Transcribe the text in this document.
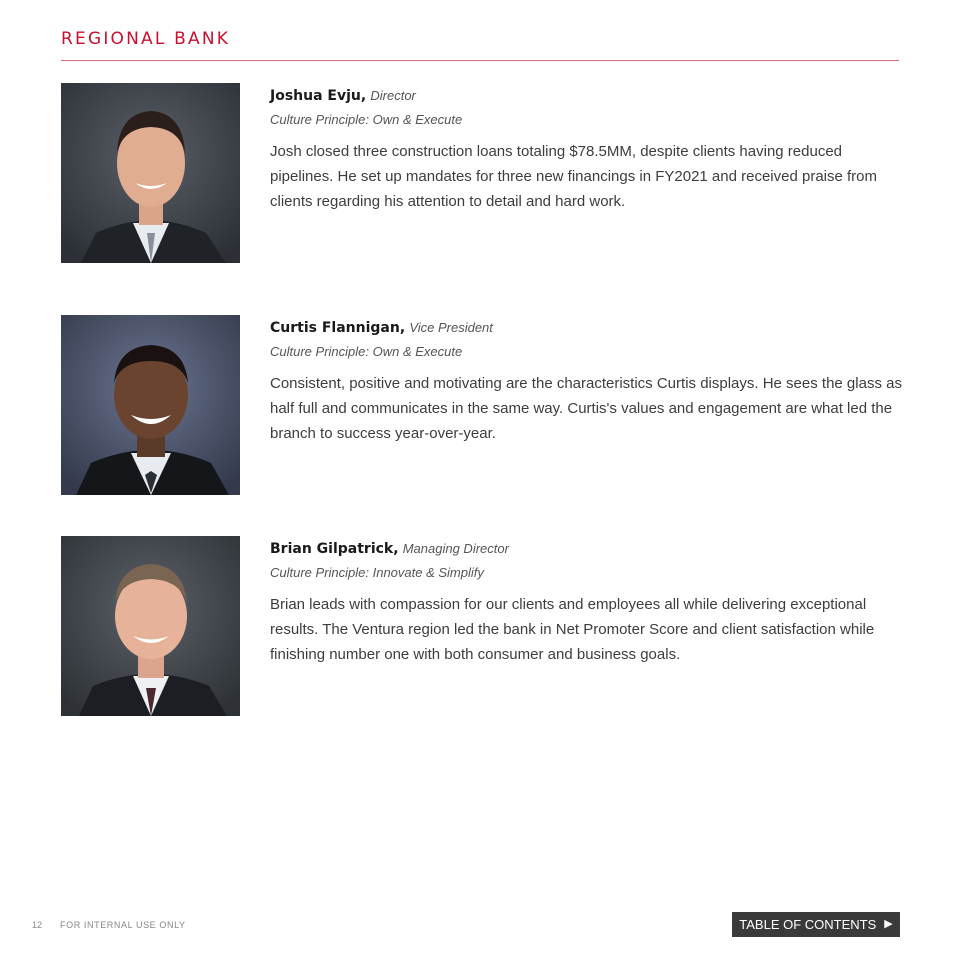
REGIONAL BANK
Joshua Evju, Director
Culture Principle: Own & Execute
Josh closed three construction loans totaling $78.5MM, despite clients having reduced pipelines. He set up mandates for three new financings in FY2021 and received praise from clients regarding his attention to detail and hard work.
Curtis Flannigan, Vice President
Culture Principle: Own & Execute
Consistent, positive and motivating are the characteristics Curtis displays. He sees the glass as half full and communicates in the same way. Curtis's values and engagement are what led the branch to success year-over-year.
Brian Gilpatrick, Managing Director
Culture Principle: Innovate & Simplify
Brian leads with compassion for our clients and employees all while delivering exceptional results. The Ventura region led the bank in Net Promoter Score and client satisfaction while finishing number one with both consumer and business goals.
12 FOR INTERNAL USE ONLY	TABLE OF CONTENTS ▶
